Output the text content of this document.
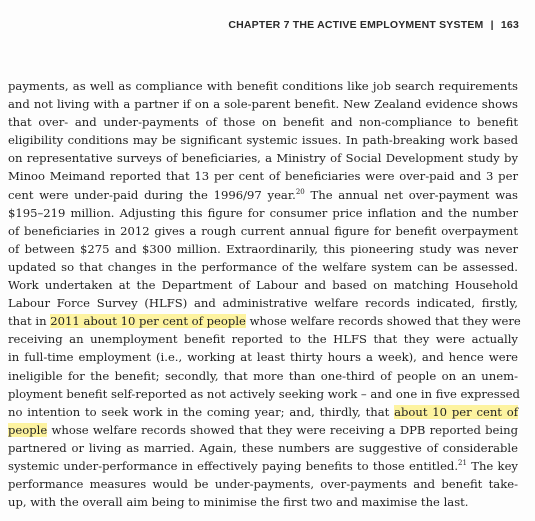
CHAPTER 7 THE ACTIVE EMPLOYMENT SYSTEM | 163
payments, as well as compliance with benefit conditions like job search requirements
and not living with a partner if on a sole-parent benefit. New Zealand evidence shows
that over- and under-payments of those on benefit and non-compliance to benefit
eligibility conditions may be significant systemic issues. In path-breaking work based
on representative surveys of beneficiaries, a Ministry of Social Development study by
Minoo Meimand reported that 13 per cent of beneficiaries were over-paid and 3 per
cent were under-paid during the 1996/97 year.$^{20}$ The annual net over-payment was
$195–219 million. Adjusting this figure for consumer price inflation and the number
of beneficiaries in 2012 gives a rough current annual figure for benefit overpayment
of between $275 and $300 million. Extraordinarily, this pioneering study was never
updated so that changes in the performance of the welfare system can be assessed.
Work undertaken at the Department of Labour and based on matching Household
Labour Force Survey (HLFS) and administrative welfare records indicated, firstly,
that in 2011 about 10 per cent of people whose welfare records showed that they were
receiving an unemployment benefit reported to the HLFS that they were actually
in full-time employment (i.e., working at least thirty hours a week), and hence were
ineligible for the benefit; secondly, that more than one-third of people on an unem-
ployment benefit self-reported as not actively seeking work – and one in five expressed
no intention to seek work in the coming year; and, thirdly, that about 10 per cent of
people whose welfare records showed that they were receiving a DPB reported being
partnered or living as married. Again, these numbers are suggestive of considerable
systemic under-performance in effectively paying benefits to those entitled.$^{21}$ The key
performance measures would be under-payments, over-payments and benefit take-
up, with the overall aim being to minimise the first two and maximise the last.
